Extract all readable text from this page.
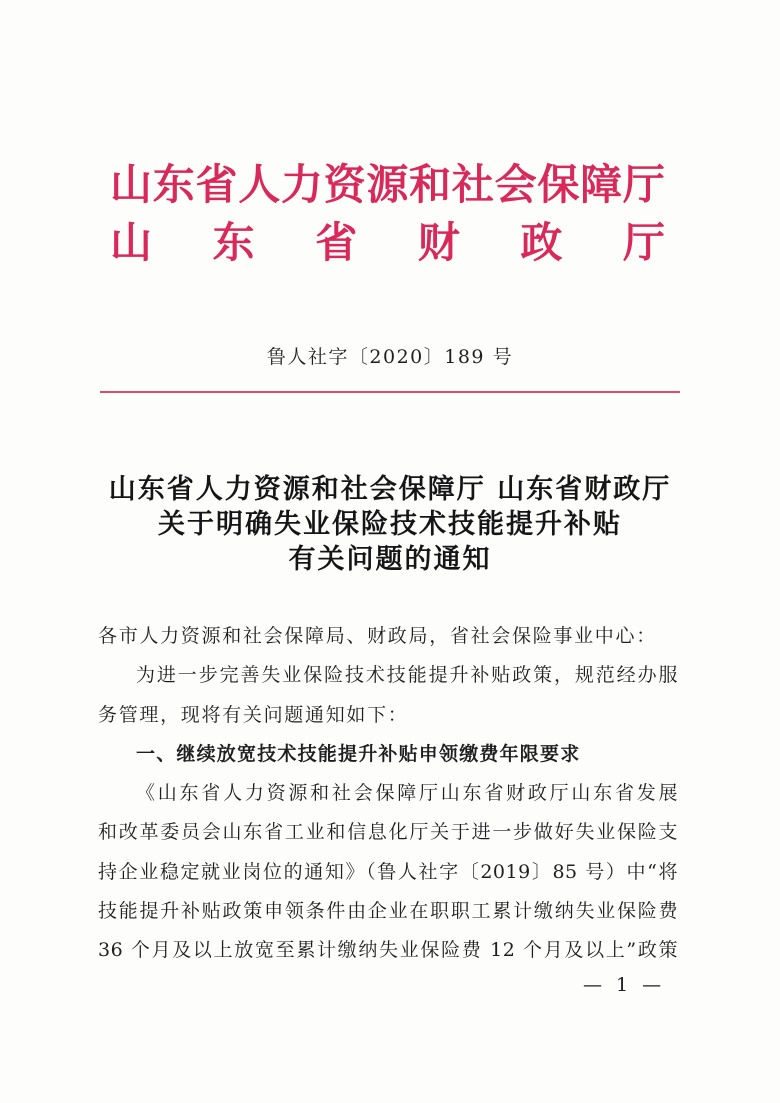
山 东 省 人 力 资 源 和 社 会 保 障 厅
山 东 省 财 政 厅
鲁人社字〔2020〕189 号
山东省人力资源和社会保障厅 山东省财政厅
关于明确失业保险技术技能提升补贴
有关问题的通知
各市人力资源和社会保障局、财政局，省社会保险事业中心：
为进一步完善失业保险技术技能提升补贴政策，规范经办服
务管理，现将有关问题通知如下：
一、继续放宽技术技能提升补贴申领缴费年限要求
《山东省人力资源和社会保障厅山东省财政厅山东省发展
和改革委员会山东省工业和信息化厅关于进一步做好失业保险支
持企业稳定就业岗位的通知》（鲁人社字〔2019〕85 号）中“将
技能提升补贴政策申领条件由企业在职职工累计缴纳失业保险费
36 个月及以上放宽至累计缴纳失业保险费 12 个月及以上”政策
— 1 —
